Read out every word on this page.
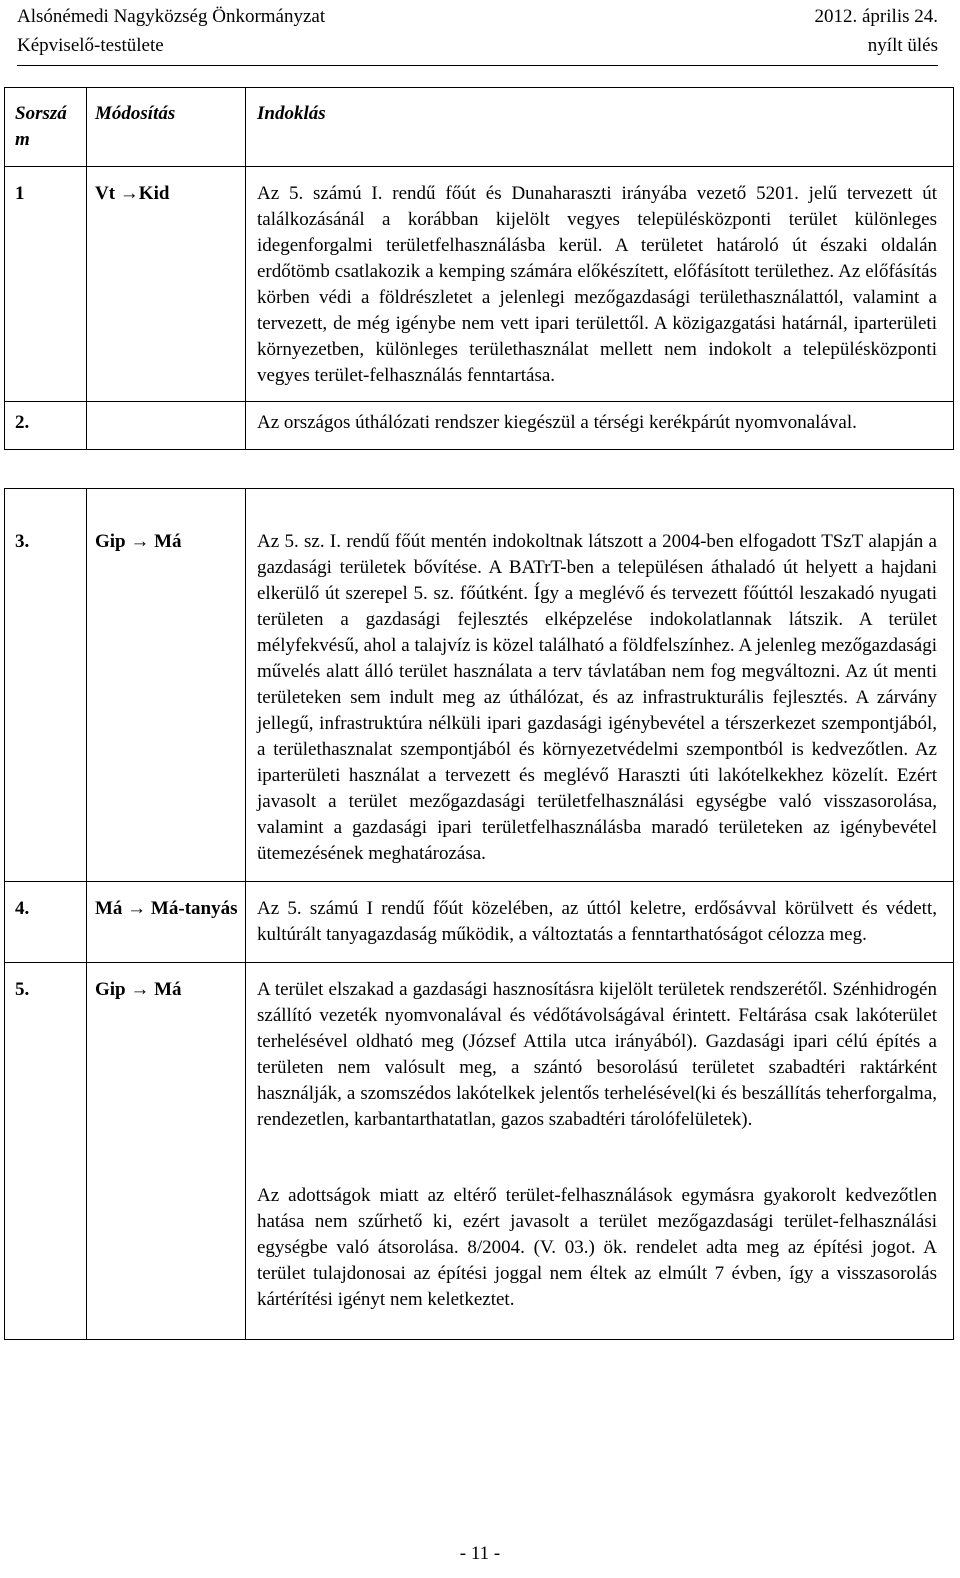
Alsónémedi Nagyközség Önkormányzat	2012. április 24.
Képviselő-testülete	nyílt ülés
Sorszá m	Módosítás	Indoklás
1	Vt →Kid	Az 5. számú I. rendű főút és Dunaharaszti irányába vezető 5201. jelű tervezett út találkozásánál a korábban kijelölt vegyes településközponti terület különleges idegenforgalmi területfelhasználásba kerül. A területet határoló út északi oldalán erdőtömb csatlakozik a kemping számára előkészített, előfásított területhez. Az előfásítás körben védi a földrészletet a jelenlegi mezőgazdasági területhasználattól, valamint a tervezett, de még igénybe nem vett ipari területtől. A közigazgatási határnál, iparterületi környezetben, különleges területhasználat mellett nem indokolt a településközponti vegyes terület-felhasználás fenntartása.
2.		Az országos úthálózati rendszer kiegészül a térségi kerékpárút nyomvonalával.
3.	Gip → Má	Az 5. sz. I. rendű főút mentén indokoltnak látszott a 2004-ben elfogadott TSzT alapján a gazdasági területek bővítése. A BATrT-ben a településen áthaladó út helyett a hajdani elkerülő út szerepel 5. sz. főútként. Így a meglévő és tervezett főúttól leszakadó nyugati területen a gazdasági fejlesztés elképzelése indokolatlannak látszik. A terület mélyfekvésű, ahol a talajvíz is közel található a földfelszínhez. A jelenleg mezőgazdasági művelés alatt álló terület használata a terv távlatában nem fog megváltozni. Az út menti területeken sem indult meg az úthálózat, és az infrastrukturális fejlesztés. A zárvány jellegű, infrastruktúra nélküli ipari gazdasági igénybevétel a térszerkezet szempontjából, a területhasznalat szempontjából és környezetvédelmi szempontból is kedvezőtlen. Az iparterületi használat a tervezett és meglévő Haraszti úti lakótelkekhez közelít. Ezért javasolt a terület mezőgazdasági területfelhasználási egységbe való visszasorolása, valamint a gazdasági ipari területfelhasználásba maradó területeken az igénybevétel ütemezésének meghatározása.
4.	Má → Má-tanyás	Az 5. számú I rendű főút közelében, az úttól keletre, erdősávval körülvett és védett, kultúrált tanyagazdaság működik, a változtatás a fenntarthatóságot célozza meg.
5.	Gip → Má	A terület elszakad a gazdasági hasznosításra kijelölt területek rendszerétől. Szénhidrogén szállító vezeték nyomvonalával és védőtávolságával érintett. Feltárása csak lakóterület terhelésével oldható meg (József Attila utca irányából). Gazdasági ipari célú építés a területen nem valósult meg, a szántó besorolású területet szabadtéri raktárként használják, a szomszédos lakótelkek jelentős terhelésével(ki és beszállítás teherforgalma, rendezetlen, karbantarthatatlan, gazos szabadtéri tárolófelületek).
Az adottságok miatt az eltérő terület-felhasználások egymásra gyakorolt kedvezőtlen hatása nem szűrhető ki, ezért javasolt a terület mezőgazdasági terület-felhasználási egységbe való átsorolása. 8/2004. (V. 03.) ök. rendelet adta meg az építési jogot. A terület tulajdonosai az építési joggal nem éltek az elmúlt 7 évben, így a visszasorolás kártérítési igényt nem keletkeztet.
- 11 -
